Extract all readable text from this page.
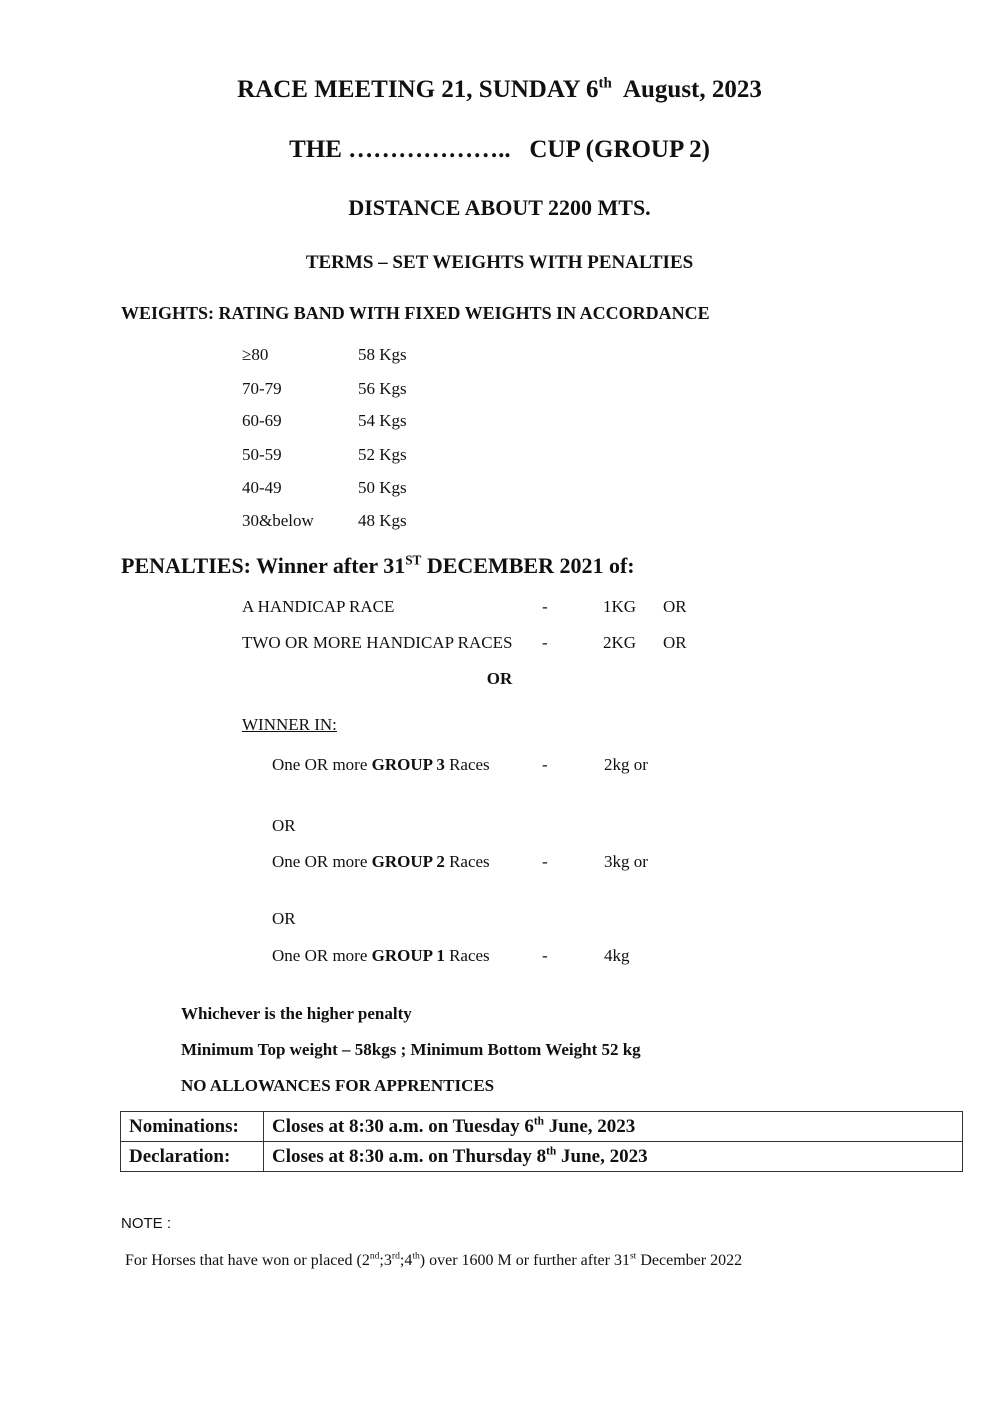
RACE MEETING 21, SUNDAY 6th  August, 2023
THE ………………..   CUP (GROUP 2)
DISTANCE ABOUT 2200 MTS.
TERMS – SET WEIGHTS WITH PENALTIES
WEIGHTS: RATING BAND WITH FIXED WEIGHTS IN ACCORDANCE
≥80	58 Kgs
70-79	56 Kgs
60-69	54 Kgs
50-59	52 Kgs
40-49	50 Kgs
30&below	48 Kgs
PENALTIES: Winner after 31ST DECEMBER 2021 of:
A HANDICAP RACE	-	1KG OR
TWO OR MORE HANDICAP RACES -	2KG OR
OR
WINNER IN:
One OR more GROUP 3 Races	-	2kg or
OR
One OR more GROUP 2 Races	-	3kg or
OR
One OR more GROUP 1 Races	-	4kg
Whichever is the higher penalty
Minimum Top weight – 58kgs ; Minimum Bottom Weight 52 kg
NO ALLOWANCES FOR APPRENTICES
Nominations:	Closes at 8:30 a.m. on Tuesday 6th June, 2023
Declaration:	Closes at 8:30 a.m. on Thursday 8th June, 2023
NOTE :
For Horses that have won or placed (2nd;3rd;4th) over 1600 M or further after 31st December 2022
